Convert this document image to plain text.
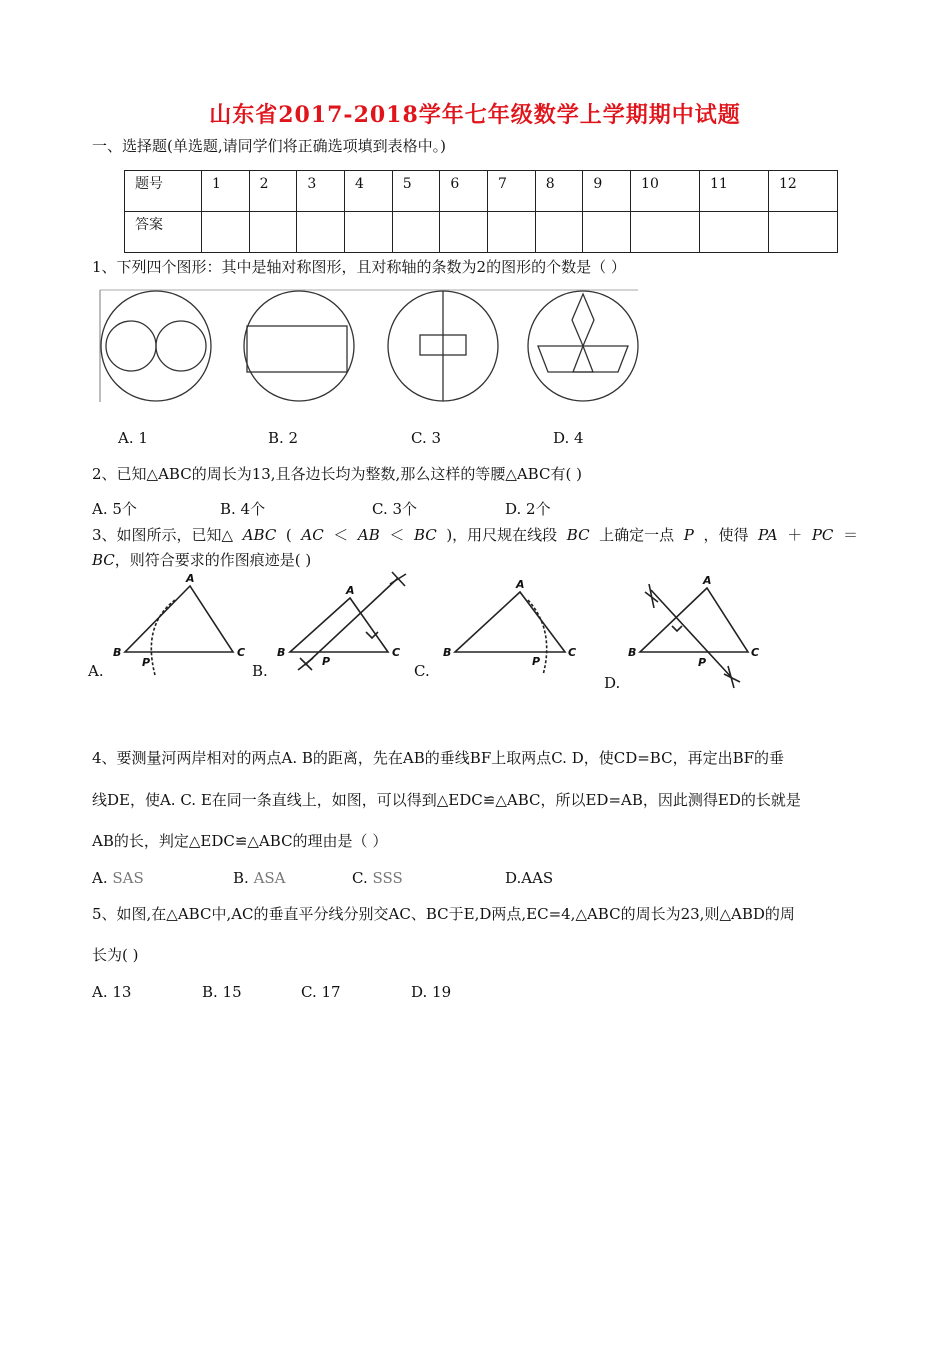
山东省2017-2018学年七年级数学上学期期中试题
一、选择题(单选题,请同学们将正确选项填到表格中。)
题号	1	2	3	4	5	6	7	8	9	10	11	12
答案												
1、下列四个图形：其中是轴对称图形，且对称轴的条数为2的图形的个数是（ ）
A. 1	B. 2	C. 3	D. 4
2、已知△ABC的周长为13,且各边长均为整数,那么这样的等腰△ABC有( )
A. 5个	B. 4个	C. 3个	D. 2个
3、如图所示，已知△ ABC ( AC ＜ AB ＜ BC )，用尺规在线段 BC 上确定一点 P ，使得 PA ＋ PC ＝
BC，则符合要求的作图痕迹是( )
A.	B.	C.
D.
A
B	C
P
A
B	C
P
A
B	C
P
A
B	C
P
4、要测量河两岸相对的两点A. B的距离，先在AB的垂线BF上取两点C. D，使CD=BC，再定出BF的垂
线DE，使A. C. E在同一条直线上，如图，可以得到△EDC≌△ABC，所以ED=AB，因此测得ED的长就是
AB的长，判定△EDC≌△ABC的理由是（ ）
A. SAS	B. ASA	C. SSS	D.AAS
5、如图,在△ABC中,AC的垂直平分线分别交AC、BC于E,D两点,EC=4,△ABC的周长为23,则△ABD的周
长为( )
A. 13	B. 15	C. 17	D. 19
